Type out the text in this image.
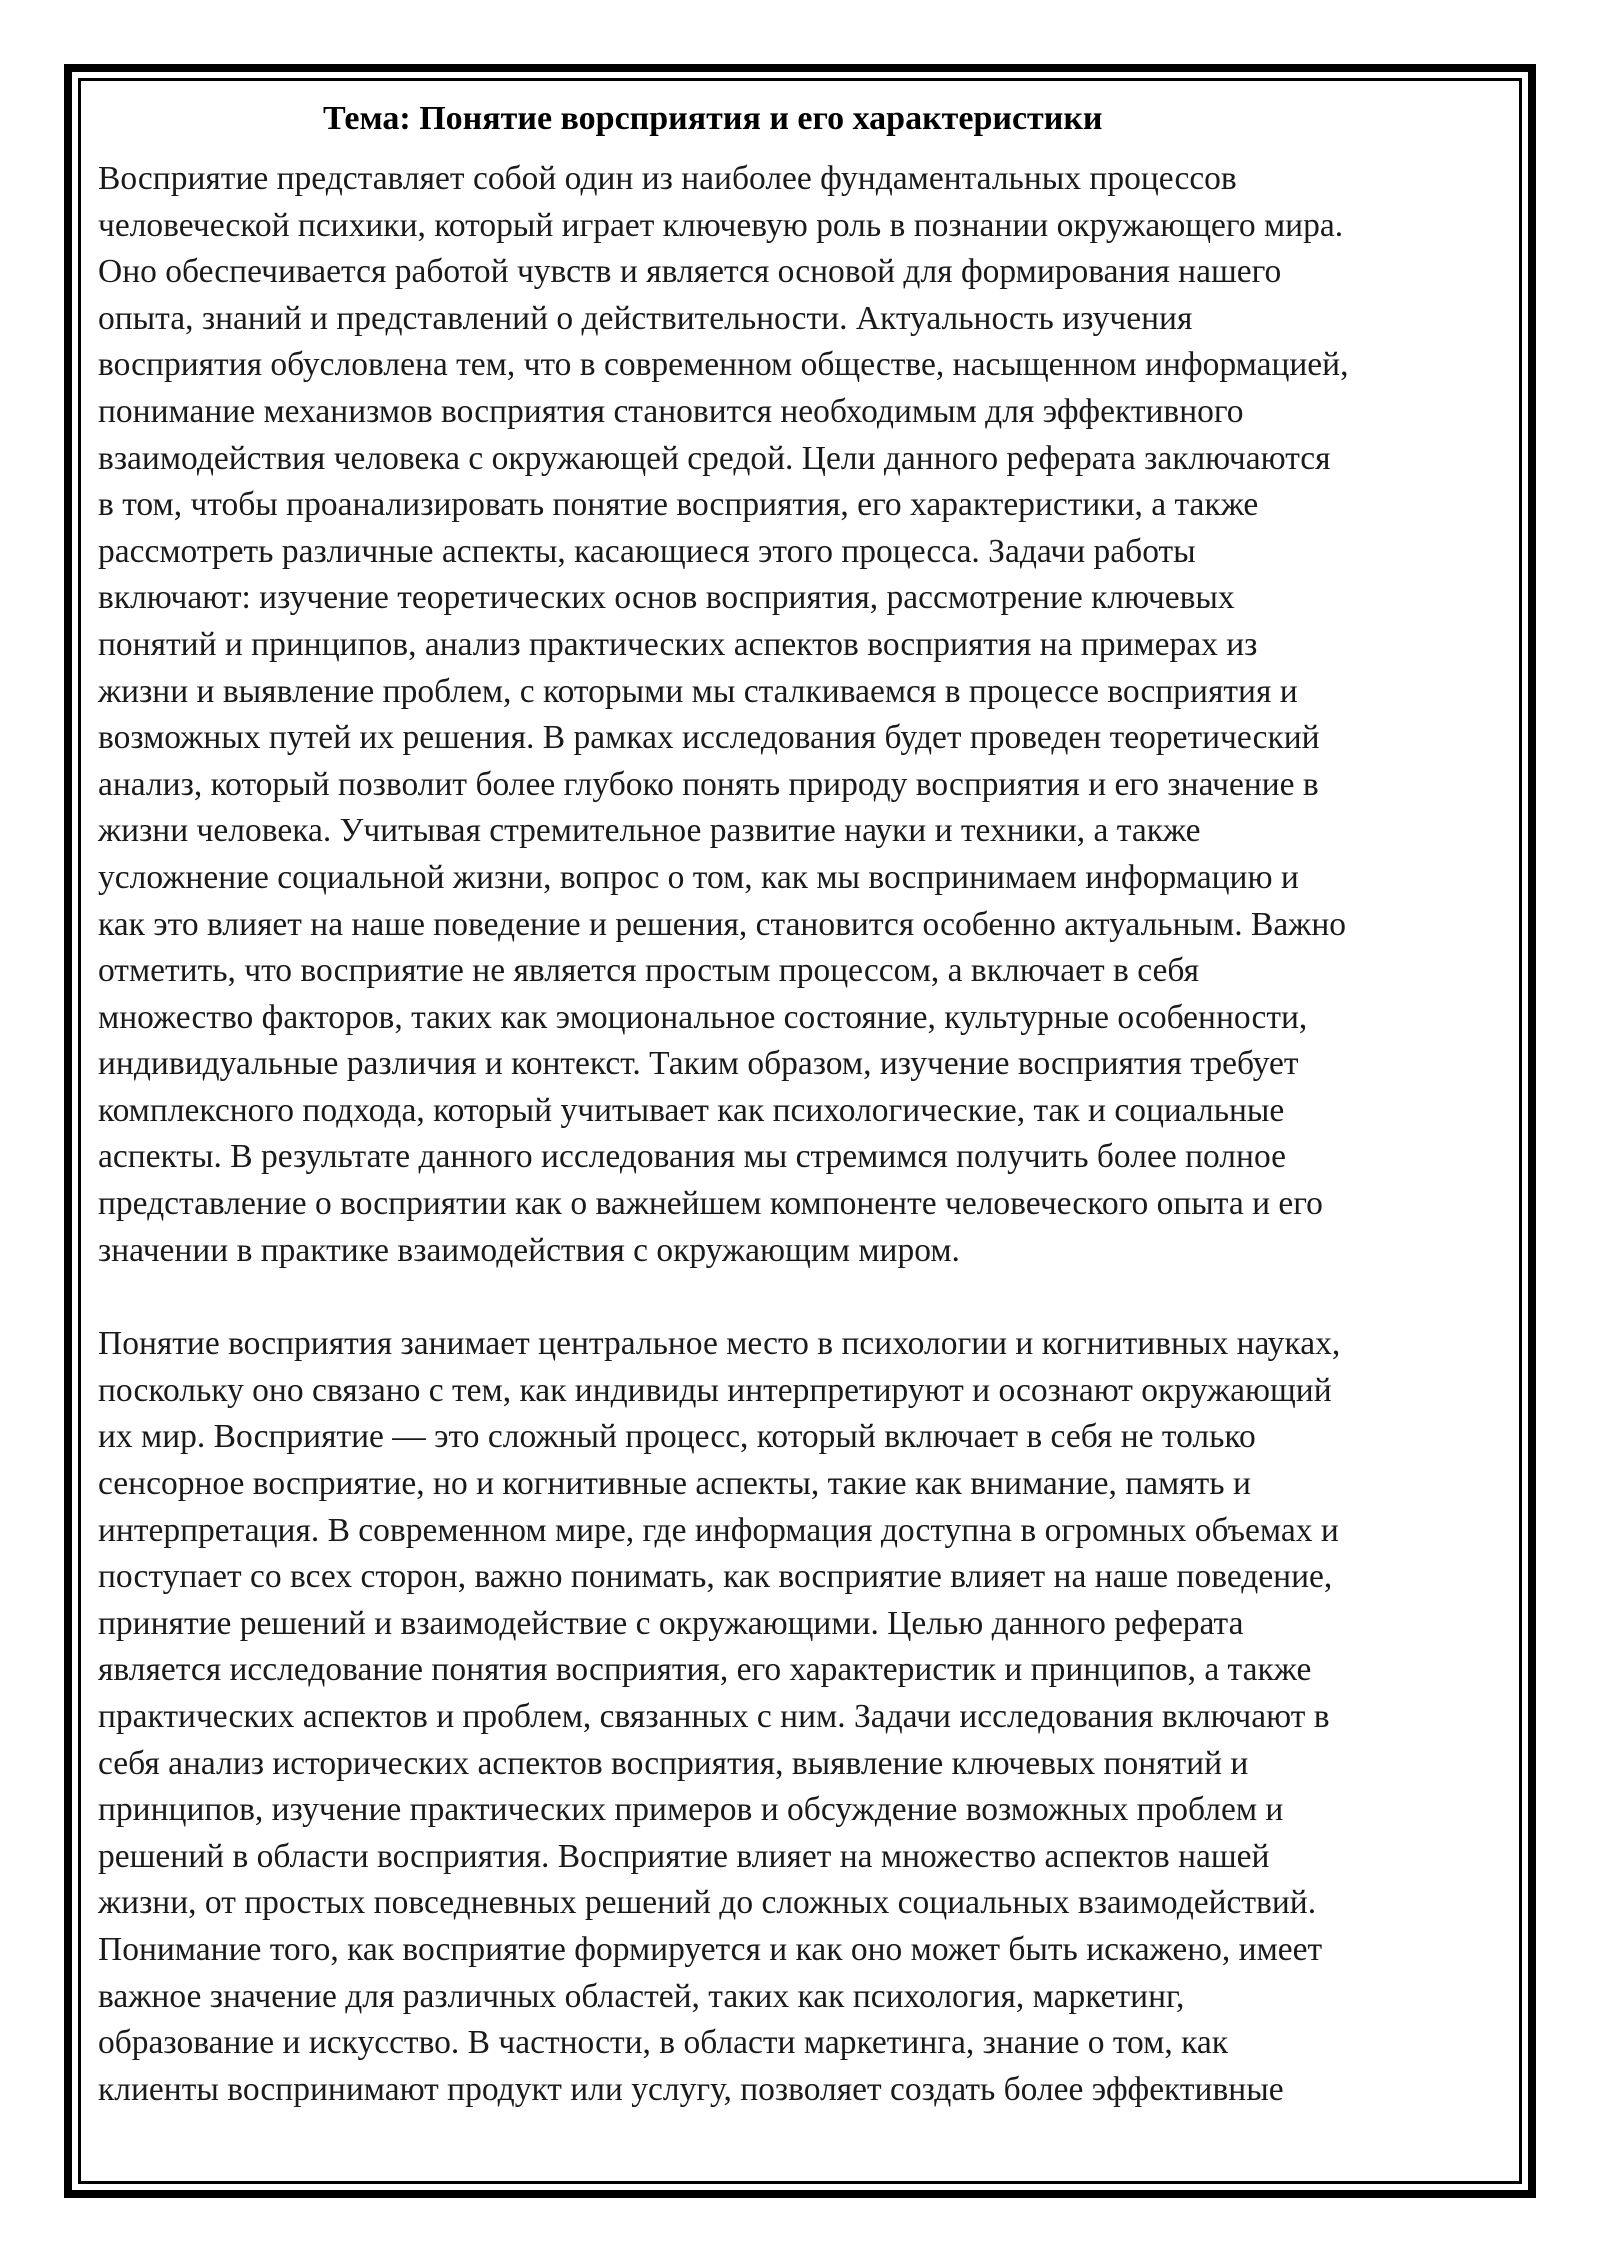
Тема: Понятие ворсприятия и его характеристики
Восприятие представляет собой один из наиболее фундаментальных процессов
человеческой психики, который играет ключевую роль в познании окружающего мира.
Оно обеспечивается работой чувств и является основой для формирования нашего
опыта, знаний и представлений о действительности. Актуальность изучения
восприятия обусловлена тем, что в современном обществе, насыщенном информацией,
понимание механизмов восприятия становится необходимым для эффективного
взаимодействия человека с окружающей средой. Цели данного реферата заключаются
в том, чтобы проанализировать понятие восприятия, его характеристики, а также
рассмотреть различные аспекты, касающиеся этого процесса. Задачи работы
включают: изучение теоретических основ восприятия, рассмотрение ключевых
понятий и принципов, анализ практических аспектов восприятия на примерах из
жизни и выявление проблем, с которыми мы сталкиваемся в процессе восприятия и
возможных путей их решения. В рамках исследования будет проведен теоретический
анализ, который позволит более глубоко понять природу восприятия и его значение в
жизни человека. Учитывая стремительное развитие науки и техники, а также
усложнение социальной жизни, вопрос о том, как мы воспринимаем информацию и
как это влияет на наше поведение и решения, становится особенно актуальным. Важно
отметить, что восприятие не является простым процессом, а включает в себя
множество факторов, таких как эмоциональное состояние, культурные особенности,
индивидуальные различия и контекст. Таким образом, изучение восприятия требует
комплексного подхода, который учитывает как психологические, так и социальные
аспекты. В результате данного исследования мы стремимся получить более полное
представление о восприятии как о важнейшем компоненте человеческого опыта и его
значении в практике взаимодействия с окружающим миром.
Понятие восприятия занимает центральное место в психологии и когнитивных науках,
поскольку оно связано с тем, как индивиды интерпретируют и осознают окружающий
их мир. Восприятие — это сложный процесс, который включает в себя не только
сенсорное восприятие, но и когнитивные аспекты, такие как внимание, память и
интерпретация. В современном мире, где информация доступна в огромных объемах и
поступает со всех сторон, важно понимать, как восприятие влияет на наше поведение,
принятие решений и взаимодействие с окружающими. Целью данного реферата
является исследование понятия восприятия, его характеристик и принципов, а также
практических аспектов и проблем, связанных с ним. Задачи исследования включают в
себя анализ исторических аспектов восприятия, выявление ключевых понятий и
принципов, изучение практических примеров и обсуждение возможных проблем и
решений в области восприятия. Восприятие влияет на множество аспектов нашей
жизни, от простых повседневных решений до сложных социальных взаимодействий.
Понимание того, как восприятие формируется и как оно может быть искажено, имеет
важное значение для различных областей, таких как психология, маркетинг,
образование и искусство. В частности, в области маркетинга, знание о том, как
клиенты воспринимают продукт или услугу, позволяет создать более эффективные
